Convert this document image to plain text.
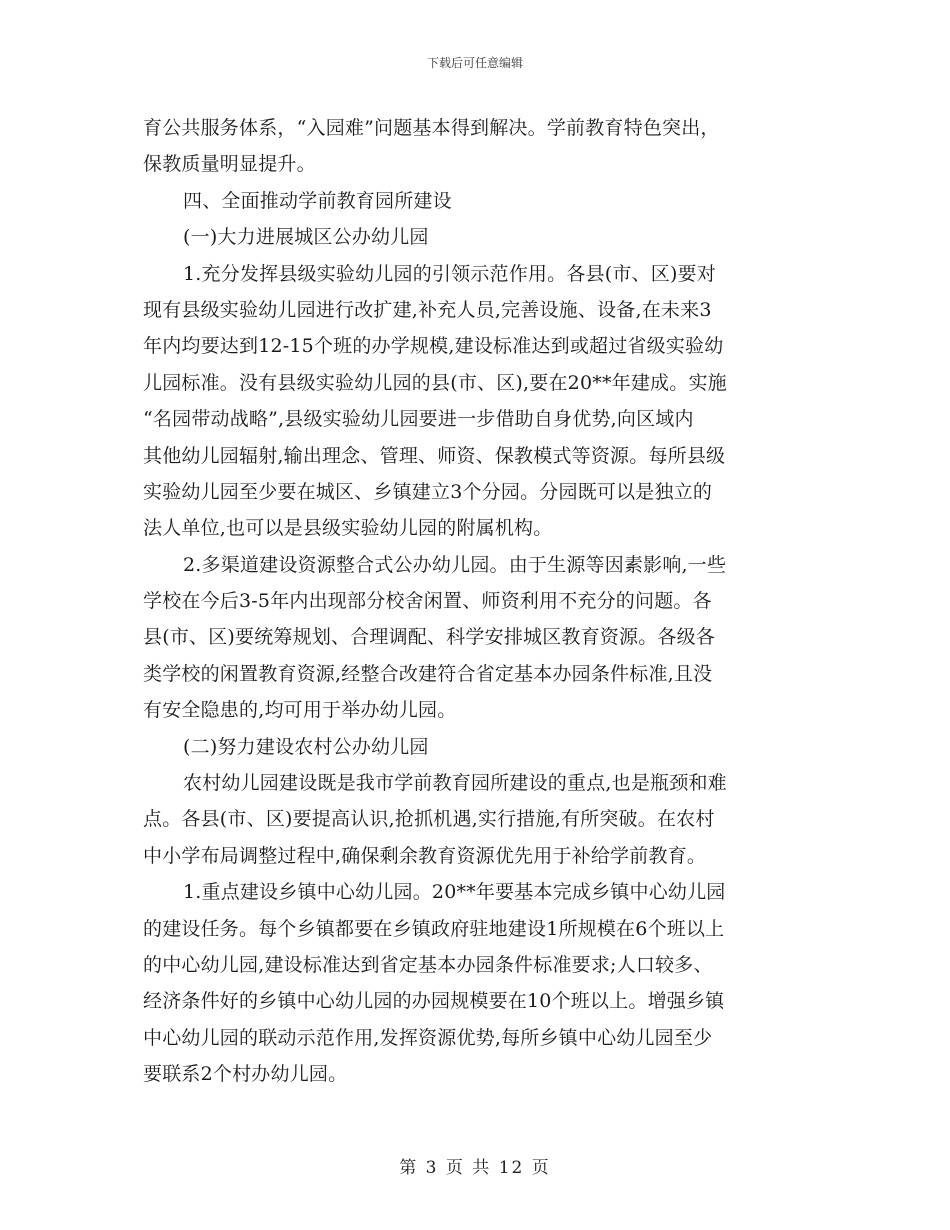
下载后可任意编辑
育公共服务体系，“入园难”问题基本得到解决。学前教育特色突出，
保教质量明显提升。
四、全面推动学前教育园所建设
(一)大力进展城区公办幼儿园
1.充分发挥县级实验幼儿园的引领示范作用。各县(市、区)要对
现有县级实验幼儿园进行改扩建,补充人员,完善设施、设备,在未来3
年内均要达到12-15个班的办学规模,建设标准达到或超过省级实验幼
儿园标准。没有县级实验幼儿园的县(市、区),要在20**年建成。实施
“名园带动战略”,县级实验幼儿园要进一步借助自身优势,向区域内
其他幼儿园辐射,输出理念、管理、师资、保教模式等资源。每所县级
实验幼儿园至少要在城区、乡镇建立3个分园。分园既可以是独立的
法人单位,也可以是县级实验幼儿园的附属机构。
2.多渠道建设资源整合式公办幼儿园。由于生源等因素影响,一些
学校在今后3-5年内出现部分校舍闲置、师资利用不充分的问题。各
县(市、区)要统筹规划、合理调配、科学安排城区教育资源。各级各
类学校的闲置教育资源,经整合改建符合省定基本办园条件标准,且没
有安全隐患的,均可用于举办幼儿园。
(二)努力建设农村公办幼儿园
农村幼儿园建设既是我市学前教育园所建设的重点,也是瓶颈和难
点。各县(市、区)要提高认识,抢抓机遇,实行措施,有所突破。在农村
中小学布局调整过程中,确保剩余教育资源优先用于补给学前教育。
1.重点建设乡镇中心幼儿园。20**年要基本完成乡镇中心幼儿园
的建设任务。每个乡镇都要在乡镇政府驻地建设1所规模在6个班以上
的中心幼儿园,建设标准达到省定基本办园条件标准要求;人口较多、
经济条件好的乡镇中心幼儿园的办园规模要在10个班以上。增强乡镇
中心幼儿园的联动示范作用,发挥资源优势,每所乡镇中心幼儿园至少
要联系2个村办幼儿园。
第 3 页 共 12 页
